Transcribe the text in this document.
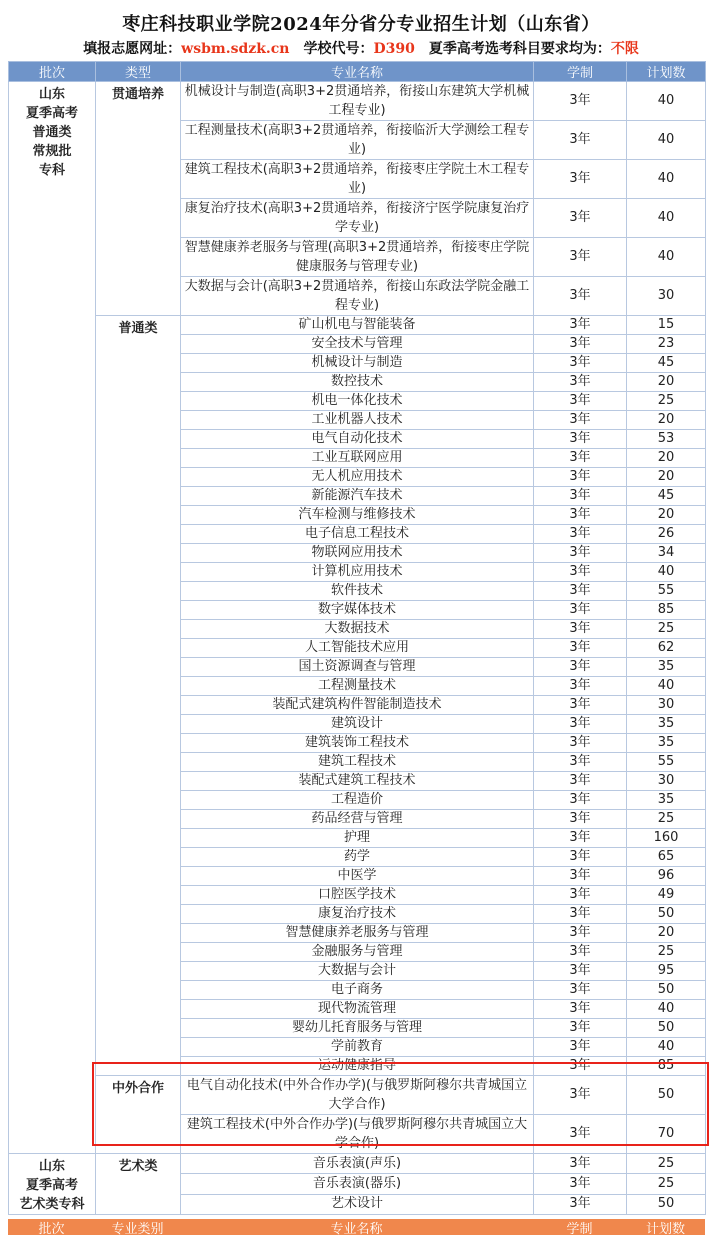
枣庄科技职业学院2024年分省分专业招生计划（山东省）
填报志愿网址：wsbm.sdzk.cn 学校代号：D390 夏季高考选考科目要求均为：不限
批次	类型	专业名称	学制	计划数
山东
夏季高考
普通类
常规批
专科	贯通培养	机械设计与制造(高职3+2贯通培养，衔接山东建筑大学机械工程专业)	3年	40
		工程测量技术(高职3+2贯通培养，衔接临沂大学测绘工程专业)	3年	40
		建筑工程技术(高职3+2贯通培养，衔接枣庄学院土木工程专业)	3年	40
		康复治疗技术(高职3+2贯通培养，衔接济宁医学院康复治疗学专业)	3年	40
		智慧健康养老服务与管理(高职3+2贯通培养，衔接枣庄学院健康服务与管理专业)	3年	40
		大数据与会计(高职3+2贯通培养，衔接山东政法学院金融工程专业)	3年	30
	普通类	矿山机电与智能装备	3年	15
		安全技术与管理	3年	23
		机械设计与制造	3年	45
		数控技术	3年	20
		机电一体化技术	3年	25
		工业机器人技术	3年	20
		电气自动化技术	3年	53
		工业互联网应用	3年	20
		无人机应用技术	3年	20
		新能源汽车技术	3年	45
		汽车检测与维修技术	3年	20
		电子信息工程技术	3年	26
		物联网应用技术	3年	34
		计算机应用技术	3年	40
		软件技术	3年	55
		数字媒体技术	3年	85
		大数据技术	3年	25
		人工智能技术应用	3年	62
		国土资源调查与管理	3年	35
		工程测量技术	3年	40
		装配式建筑构件智能制造技术	3年	30
		建筑设计	3年	35
		建筑装饰工程技术	3年	35
		建筑工程技术	3年	55
		装配式建筑工程技术	3年	30
		工程造价	3年	35
		药品经营与管理	3年	25
		护理	3年	160
		药学	3年	65
		中医学	3年	96
		口腔医学技术	3年	49
		康复治疗技术	3年	50
		智慧健康养老服务与管理	3年	20
		金融服务与管理	3年	25
		大数据与会计	3年	95
		电子商务	3年	50
		现代物流管理	3年	40
		婴幼儿托育服务与管理	3年	50
		学前教育	3年	40
		运动健康指导	3年	85
	中外合作	电气自动化技术(中外合作办学)(与俄罗斯阿穆尔共青城国立大学合作)	3年	50
		建筑工程技术(中外合作办学)(与俄罗斯阿穆尔共青城国立大学合作)	3年	70
山东
夏季高考
艺术类专科	艺术类	音乐表演(声乐)	3年	25
		音乐表演(器乐)	3年	25
		艺术设计	3年	50
批次	专业类别	专业名称	学制	计划数
